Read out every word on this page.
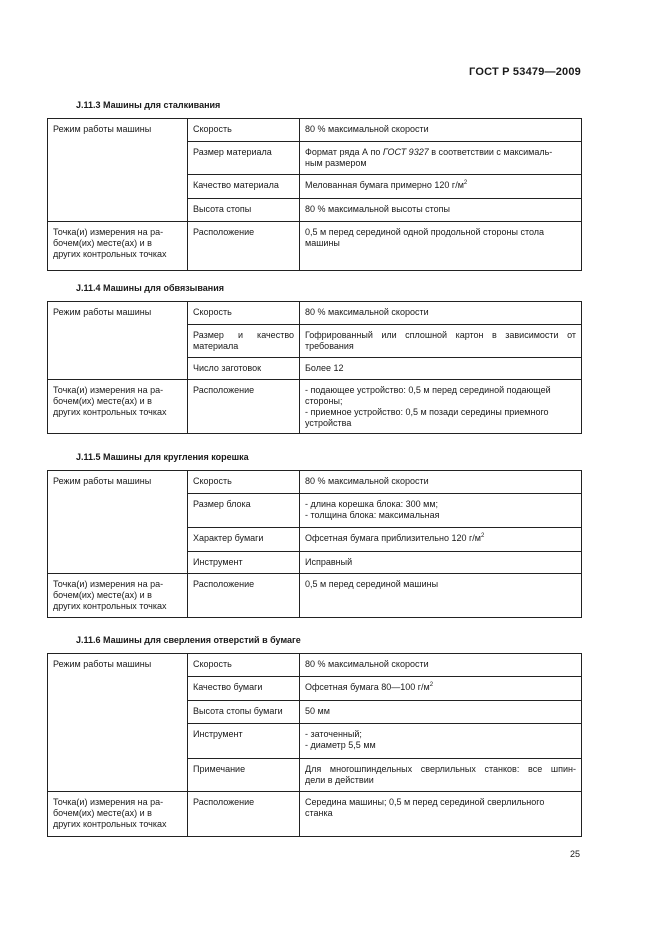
ГОСТ Р 53479—2009
J.11.3 Машины для сталкивания
Режим работы машины	Скорость	80 % максимальной скорости
	Размер материала	Формат ряда А по ГОСТ 9327 в соответствии с максималь-
ным размером

	Качество материала	Мелованная бумага примерно 120 $г/м^2$
	Высота стопы	80 % максимальной высоты стопы

Точка(и) измерения на ра-
бочем(их) месте(ах) и в
других контрольных точках	Расположение	0,5 м перед серединой одной продольной стороны стола
машины
J.11.4 Машины для обвязывания
Режим работы машины	Скорость	80 % максимальной скорости

	Размер и качество
материала	Гофрированный или сплошной картон в зависимости от
требования

	Число заготовок	Более 12

Точка(и) измерения на ра-
бочем(их) месте(ах) и в
других контрольных точках	Расположение	- подающее устройство: 0,5 м перед серединой подающей
стороны;
- приемное устройство: 0,5 м позади середины приемного
устройства
J.11.5 Машины для кругления корешка
Режим работы машины	Скорость	80 % максимальной скорости
	Размер блока	- длина корешка блока: 300 мм;
- толщина блока: максимальная

	Характер бумаги	Офсетная бумага приблизительно 120 $г/м^2$
	Инструмент	Исправный

Точка(и) измерения на ра-
бочем(их) месте(ах) и в
других контрольных точках	Расположение	0,5 м перед серединой машины
J.11.6 Машины для сверления отверстий в бумаге
Режим работы машины	Скорость	80 % максимальной скорости
	Качество бумаги	Офсетная бумага 80—100 $г/м^2$
	Высота стопы бумаги	50 мм
	Инструмент	- заточенный;
- диаметр 5,5 мм

	Примечание	Для многошпиндельных сверлильных станков: все шпин-
дели в действии

Точка(и) измерения на ра-
бочем(их) месте(ах) и в
других контрольных точках	Расположение	Середина машины; 0,5 м перед серединой сверлильного
станка
25
